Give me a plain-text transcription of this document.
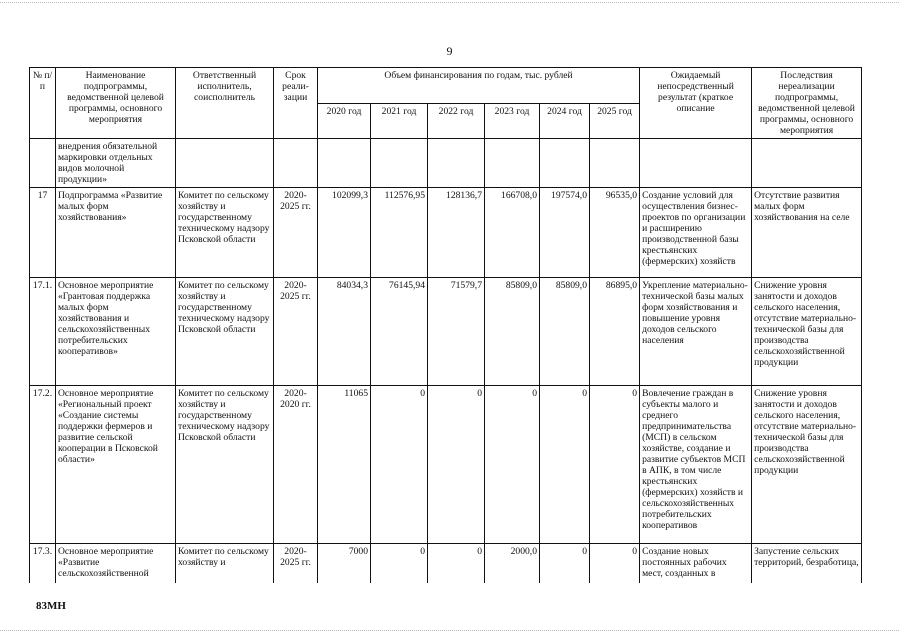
9
№ п/п	Наименование подпрограммы, ведомственной целевой программы, основного мероприятия	Ответственный исполнитель, соисполнитель	Срок реали-зации	Объем финансирования по годам, тыс. рублей						Ожидаемый непосредственный результат (краткое описание	Последствия нереализации подпрограммы, ведомственной целевой программы, основного мероприятия
				2020 год	2021 год	2022 год	2023 год	2024 год	2025 год		
	внедрения обязательной маркировки отдельных видов молочной продукции»										
17	Подпрограмма «Развитие малых форм хозяйствования»	Комитет по сельскому хозяйству и государственному техническому надзору Псковской области	2020-2025 гг.	102099,3	112576,95	128136,7	166708,0	197574,0	96535,0	Создание условий для осуществления бизнес-проектов по организации и расширению производственной базы крестьянских (фермерских) хозяйств	Отсутствие развития малых форм хозяйствования на селе
17.1.	Основное мероприятие «Грантовая поддержка малых форм хозяйствования и сельскохозяйственных потребительских кооперативов»	Комитет по сельскому хозяйству и государственному техническому надзору Псковской области	2020-2025 гг.	84034,3	76145,94	71579,7	85809,0	85809,0	86895,0	Укрепление материально-технической базы малых форм хозяйствования и повышение уровня доходов сельского населения	Снижение уровня занятости и доходов сельского населения, отсутствие материально-технической базы для производства сельскохозяйственной продукции
17.2.	Основное мероприятие «Региональный проект «Создание системы поддержки фермеров и развитие сельской кооперации в Псковской области»	Комитет по сельскому хозяйству и государственному техническому надзору Псковской области	2020-2020 гг.	11065	0	0	0	0	0	Вовлечение граждан в субъекты малого и среднего предпринимательства (МСП) в сельском хозяйстве, создание и развитие субъектов МСП в АПК, в том числе крестьянских (фермерских) хозяйств и сельскохозяйственных потребительских кооперативов	Снижение уровня занятости и доходов сельского населения, отсутствие материально-технической базы для производства сельскохозяйственной продукции
17.3.	Основное мероприятие «Развитие сельскохозяйственной	Комитет по сельскому хозяйству и	2020-2025 гг.	7000	0	0	2000,0	0	0	Создание новых постоянных рабочих мест, созданных в	Запустение сельских территорий, безработица,
83МН
